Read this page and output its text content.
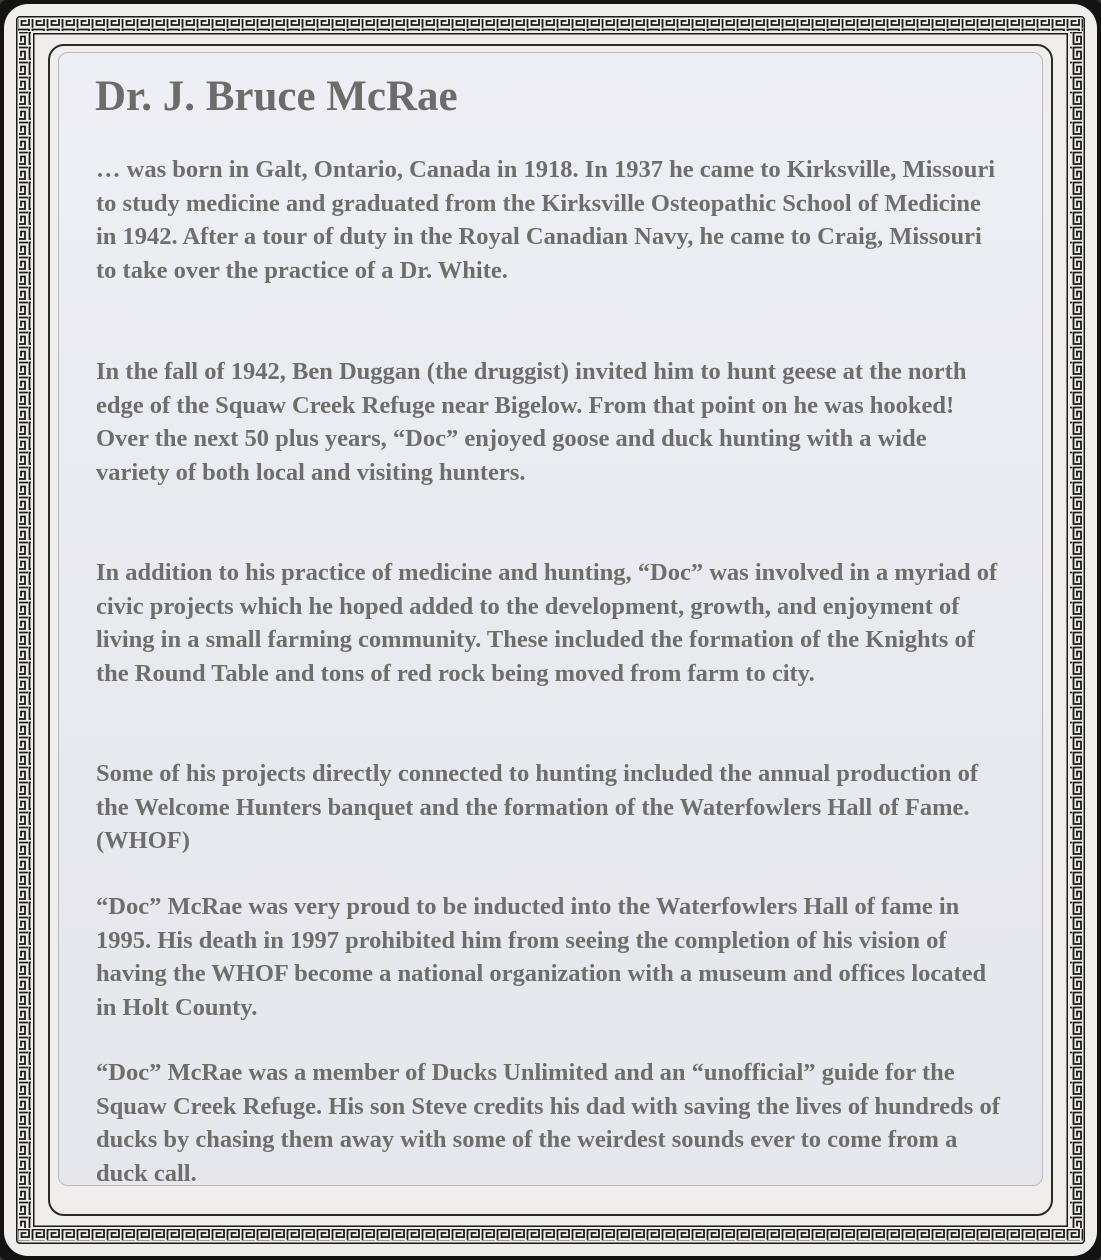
Dr. J. Bruce McRae

… was born in Galt, Ontario, Canada in 1918. In 1937 he came to Kirksville, Missouri to study medicine and graduated from the Kirksville Osteopathic School of Medicine in 1942. After a tour of duty in the Royal Canadian Navy, he came to Craig, Missouri to take over the practice of a Dr. White.

In the fall of 1942, Ben Duggan (the druggist) invited him to hunt geese at the north edge of the Squaw Creek Refuge near Bigelow. From that point on he was hooked! Over the next 50 plus years, “Doc” enjoyed goose and duck hunting with a wide variety of both local and visiting hunters.

In addition to his practice of medicine and hunting, “Doc” was involved in a myriad of civic projects which he hoped added to the development, growth, and enjoyment of living in a small farming community. These included the formation of the Knights of the Round Table and tons of red rock being moved from farm to city.

Some of his projects directly connected to hunting included the annual production of the Welcome Hunters banquet and the formation of the Waterfowlers Hall of Fame. (WHOF)

“Doc” McRae was very proud to be inducted into the Waterfowlers Hall of fame in 1995. His death in 1997 prohibited him from seeing the completion of his vision of having the WHOF become a national organization with a museum and offices located in Holt County.

“Doc” McRae was a member of Ducks Unlimited and an “unofficial” guide for the Squaw Creek Refuge. His son Steve credits his dad with saving the lives of hundreds of ducks by chasing them away with some of the weirdest sounds ever to come from a duck call.
